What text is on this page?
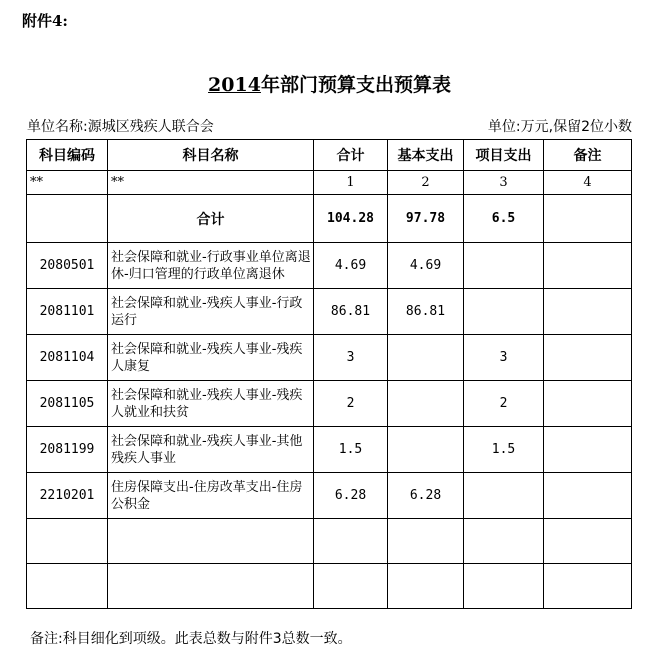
附件4:
2014年部门预算支出预算表
单位名称:源城区残疾人联合会	单位:万元,保留2位小数
科目编码	科目名称	合计	基本支出	项目支出	备注
**	**	1	2	3	4
	合计	104.28	97.78	6.5	
2080501	社会保障和就业-行政事业单位离退休-归口管理的行政单位离退休	4.69	4.69		
2081101	社会保障和就业-残疾人事业-行政运行	86.81	86.81		
2081104	社会保障和就业-残疾人事业-残疾人康复	3		3	
2081105	社会保障和就业-残疾人事业-残疾人就业和扶贫	2		2	
2081199	社会保障和就业-残疾人事业-其他残疾人事业	1.5		1.5	
2210201	住房保障支出-住房改革支出-住房公积金	6.28	6.28		

备注:科目细化到项级。此表总数与附件3总数一致。
